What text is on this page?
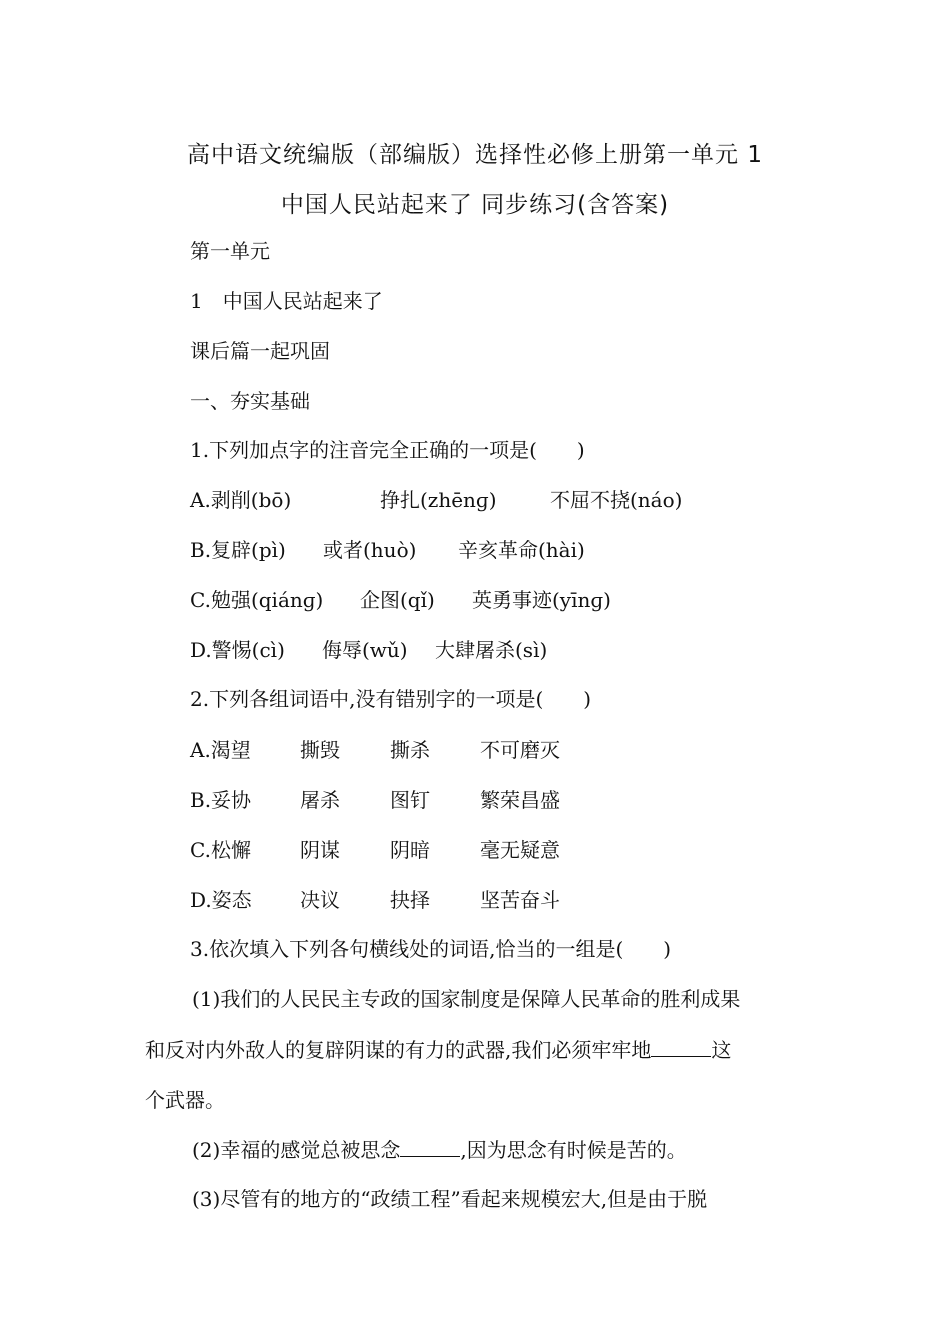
高中语文统编版（部编版）选择性必修上册第一单元 1
中国人民站起来了 同步练习(含答案)
第一单元
1　中国人民站起来了
课后篇一起巩固
一、夯实基础
1.下列加点字的注音完全正确的一项是(　　)
A.剥削(bō)	挣扎(zhēnɡ)	不屈不挠(náo)
B.复辟(pì) 或者(huò) 辛亥革命(hài)
C.勉强(qiánɡ) 企图(qǐ) 英勇事迹(yīnɡ)
D.警惕(cì) 侮辱(wǔ) 大肆屠杀(sì)
2.下列各组词语中,没有错别字的一项是(　　)
A.渴望 撕毁	撕杀	不可磨灭
B.妥协 屠杀	图钉	繁荣昌盛
C.松懈 阴谋	阴暗	毫无疑意
D.姿态 决议	抉择	坚苦奋斗
3.依次填入下列各句横线处的词语,恰当的一组是(　　)
(1)我们的人民民主专政的国家制度是保障人民革命的胜利成果
和反对内外敌人的复辟阴谋的有力的武器,我们必须牢牢地	这
个武器。
(2)幸福的感觉总被思念	,因为思念有时候是苦的。
(3)尽管有的地方的“政绩工程”看起来规模宏大,但是由于脱
